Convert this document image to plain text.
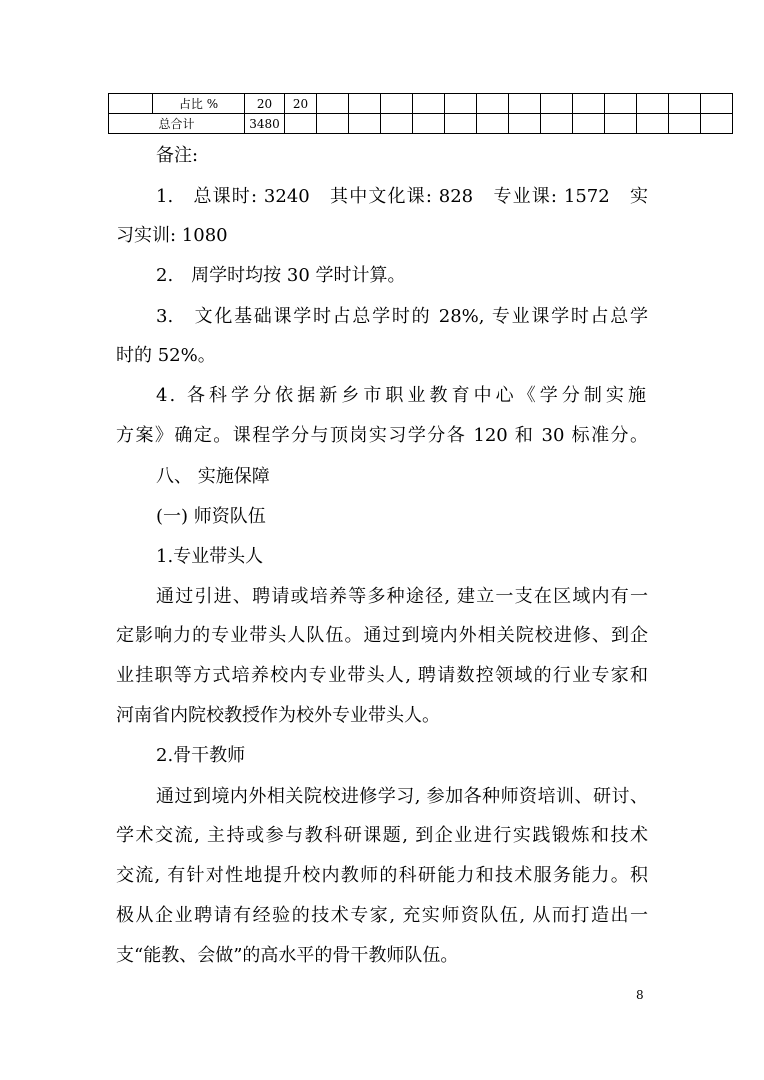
	占比 %	20	20													
总合计		3480														

备注:

1.　总课时: 3240　其中文化课: 828　专业课: 1572　实

习实训: 1080

2.　周学时均按 30 学时计算。

3.　文化基础课学时占总学时的 28%, 专业课学时占总学

时的 52%。

4. 各科学分依据新乡市职业教育中心《学分制实施

方案》确定。课程学分与顶岗实习学分各 120 和 30 标准分。

八、 实施保障

(一) 师资队伍

1.专业带头人

通过引进、聘请或培养等多种途径, 建立一支在区域内有一

定影响力的专业带头人队伍。通过到境内外相关院校进修、到企

业挂职等方式培养校内专业带头人, 聘请数控领域的行业专家和

河南省内院校教授作为校外专业带头人。

2.骨干教师

通过到境内外相关院校进修学习, 参加各种师资培训、研讨、

学术交流, 主持或参与教科研课题, 到企业进行实践锻炼和技术

交流, 有针对性地提升校内教师的科研能力和技术服务能力。积

极从企业聘请有经验的技术专家, 充实师资队伍, 从而打造出一

支“能教、会做”的高水平的骨干教师队伍。

8
